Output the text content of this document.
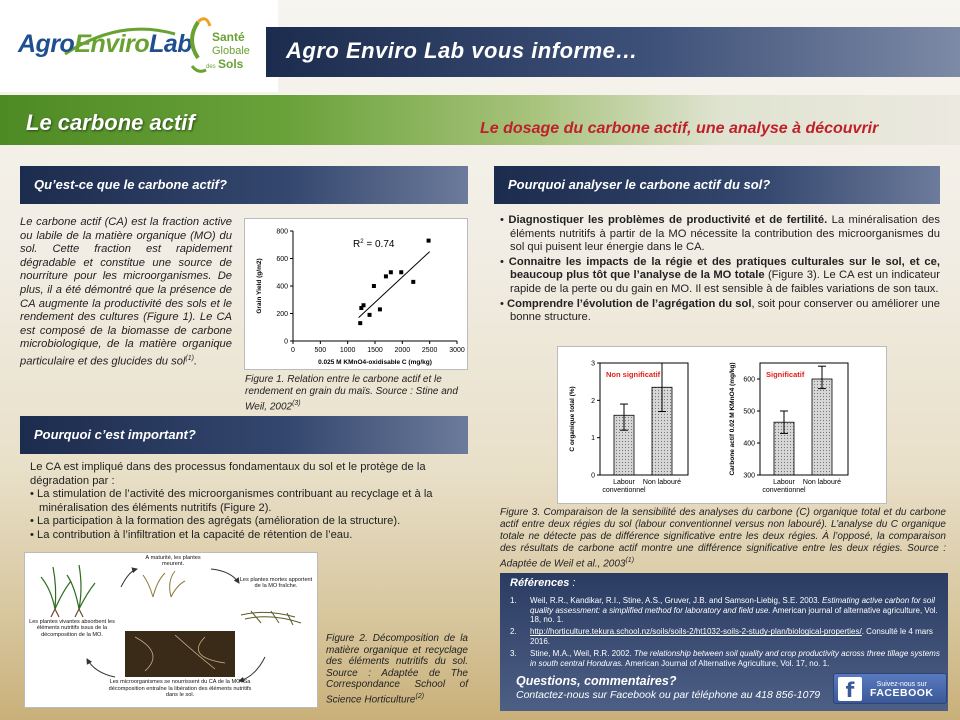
AgroEnviroLab Santé
Globale
des Sols
Agro Enviro Lab vous informe…
Le carbone actif	Le dosage du carbone actif, une analyse à découvrir
Qu’est-ce que le carbone actif?	Pourquoi analyser le carbone actif du sol?
Pourquoi c’est important?
Le carbone actif (CA) est la fraction active ou labile de la matière organique (MO) du sol. Cette fraction est rapidement dégradable et constitue une source de nourriture pour les microorganismes. De plus, il a été démontré que la présence de CA augmente la productivité des sols et le rendement des cultures (Figure 1). Le CA est composé de la biomasse de carbone microbiologique, de la matière organique particulaire et des glucides du sol$^{(1)}$.
0	500 1000 1500 2000 2500 3000
0
200
400
600
800
$R^2 = 0.74$
0.025 M KMnO4-oxidisable C (mg/kg)
Grain Yield (g/m2)
Figure 1. Relation entre le carbone actif et le rendement en grain du maïs. Source : Stine and Weil, 2002$^{(3)}$
Le CA est impliqué dans des processus fondamentaux du sol et le protège de la dégradation par :
• La stimulation de l’activité des microorganismes contribuant au recyclage et à la minéralisation des éléments nutritifs (Figure 2).
• La participation à la formation des agrégats (amélioration de la structure).
• La contribution à l’infiltration et la capacité de rétention de l’eau.
À maturité, les plantes meurent.
Les plantes mortes apportent de la MO fraîche.
Les plantes vivantes absorbent les éléments nutritifs issus de la décomposition de la MO.
Les microorganismes se nourrissent du CA de la MO. Sa décomposition entraîne la libération des éléments nutritifs dans le sol.
Figure 2. Décomposition de la matière organique et recyclage des éléments nutritifs du sol. Source : Adaptée de The Correspondance School of Science Horticulture$^{(2)}$
• Diagnostiquer les problèmes de productivité et de fertilité. La minéralisation des éléments nutritifs à partir de la MO nécessite la contribution des microorganismes du sol qui puisent leur énergie dans le CA.
• Connaitre les impacts de la régie et des pratiques culturales sur le sol, et ce, beaucoup plus tôt que l’analyse de la MO totale (Figure 3). Le CA est un indicateur rapide de la perte ou du gain en MO. Il est sensible à de faibles variations de son taux.
• Comprendre l’évolution de l’agrégation du sol, soit pour conserver ou améliorer une bonne structure.
0
1
2
3
Labour
conventionnel
Non labouré
Non significatif
C organique total (%)
300
400
500
600
Labour
conventionnel
Non labouré
Significatif
Carbone actif 0.02 M KMnO4 (mg/kg)
Figure 3. Comparaison de la sensibilité des analyses du carbone (C) organique total et du carbone actif entre deux régies du sol (labour conventionnel versus non labouré). L’analyse du C organique totale ne détecte pas de différence significative entre les deux régies. À l’opposé, la comparaison des résultats de carbone actif montre une différence significative entre les deux régies. Source : Adaptée de Weil et al., 2003$^{(1)}$
Références :
1.	Weil, R.R., Kandikar, R.I., Stine, A.S., Gruver, J.B. and Samson-Liebig, S.E. 2003. Estimating active carbon for soil quality assessment: a simplified method for laboratory and field use. American journal of alternative agriculture, Vol. 18, no. 1.
2.	http://horticulture.tekura.school.nz/soils/soils-2/ht1032-soils-2-study-plan/biological-properties/. Consulté le 4 mars 2016.
3.	Stine, M.A., Weil, R.R. 2002. The relationship between soil quality and crop productivity across three tillage systems in south central Honduras. American Journal of Alternative Agriculture, Vol. 17, no. 1.
Questions, commentaires?
Contactez-nous sur Facebook ou par téléphone au 418 856-1079	f	Suivez-nous sur
FACEBOOK
